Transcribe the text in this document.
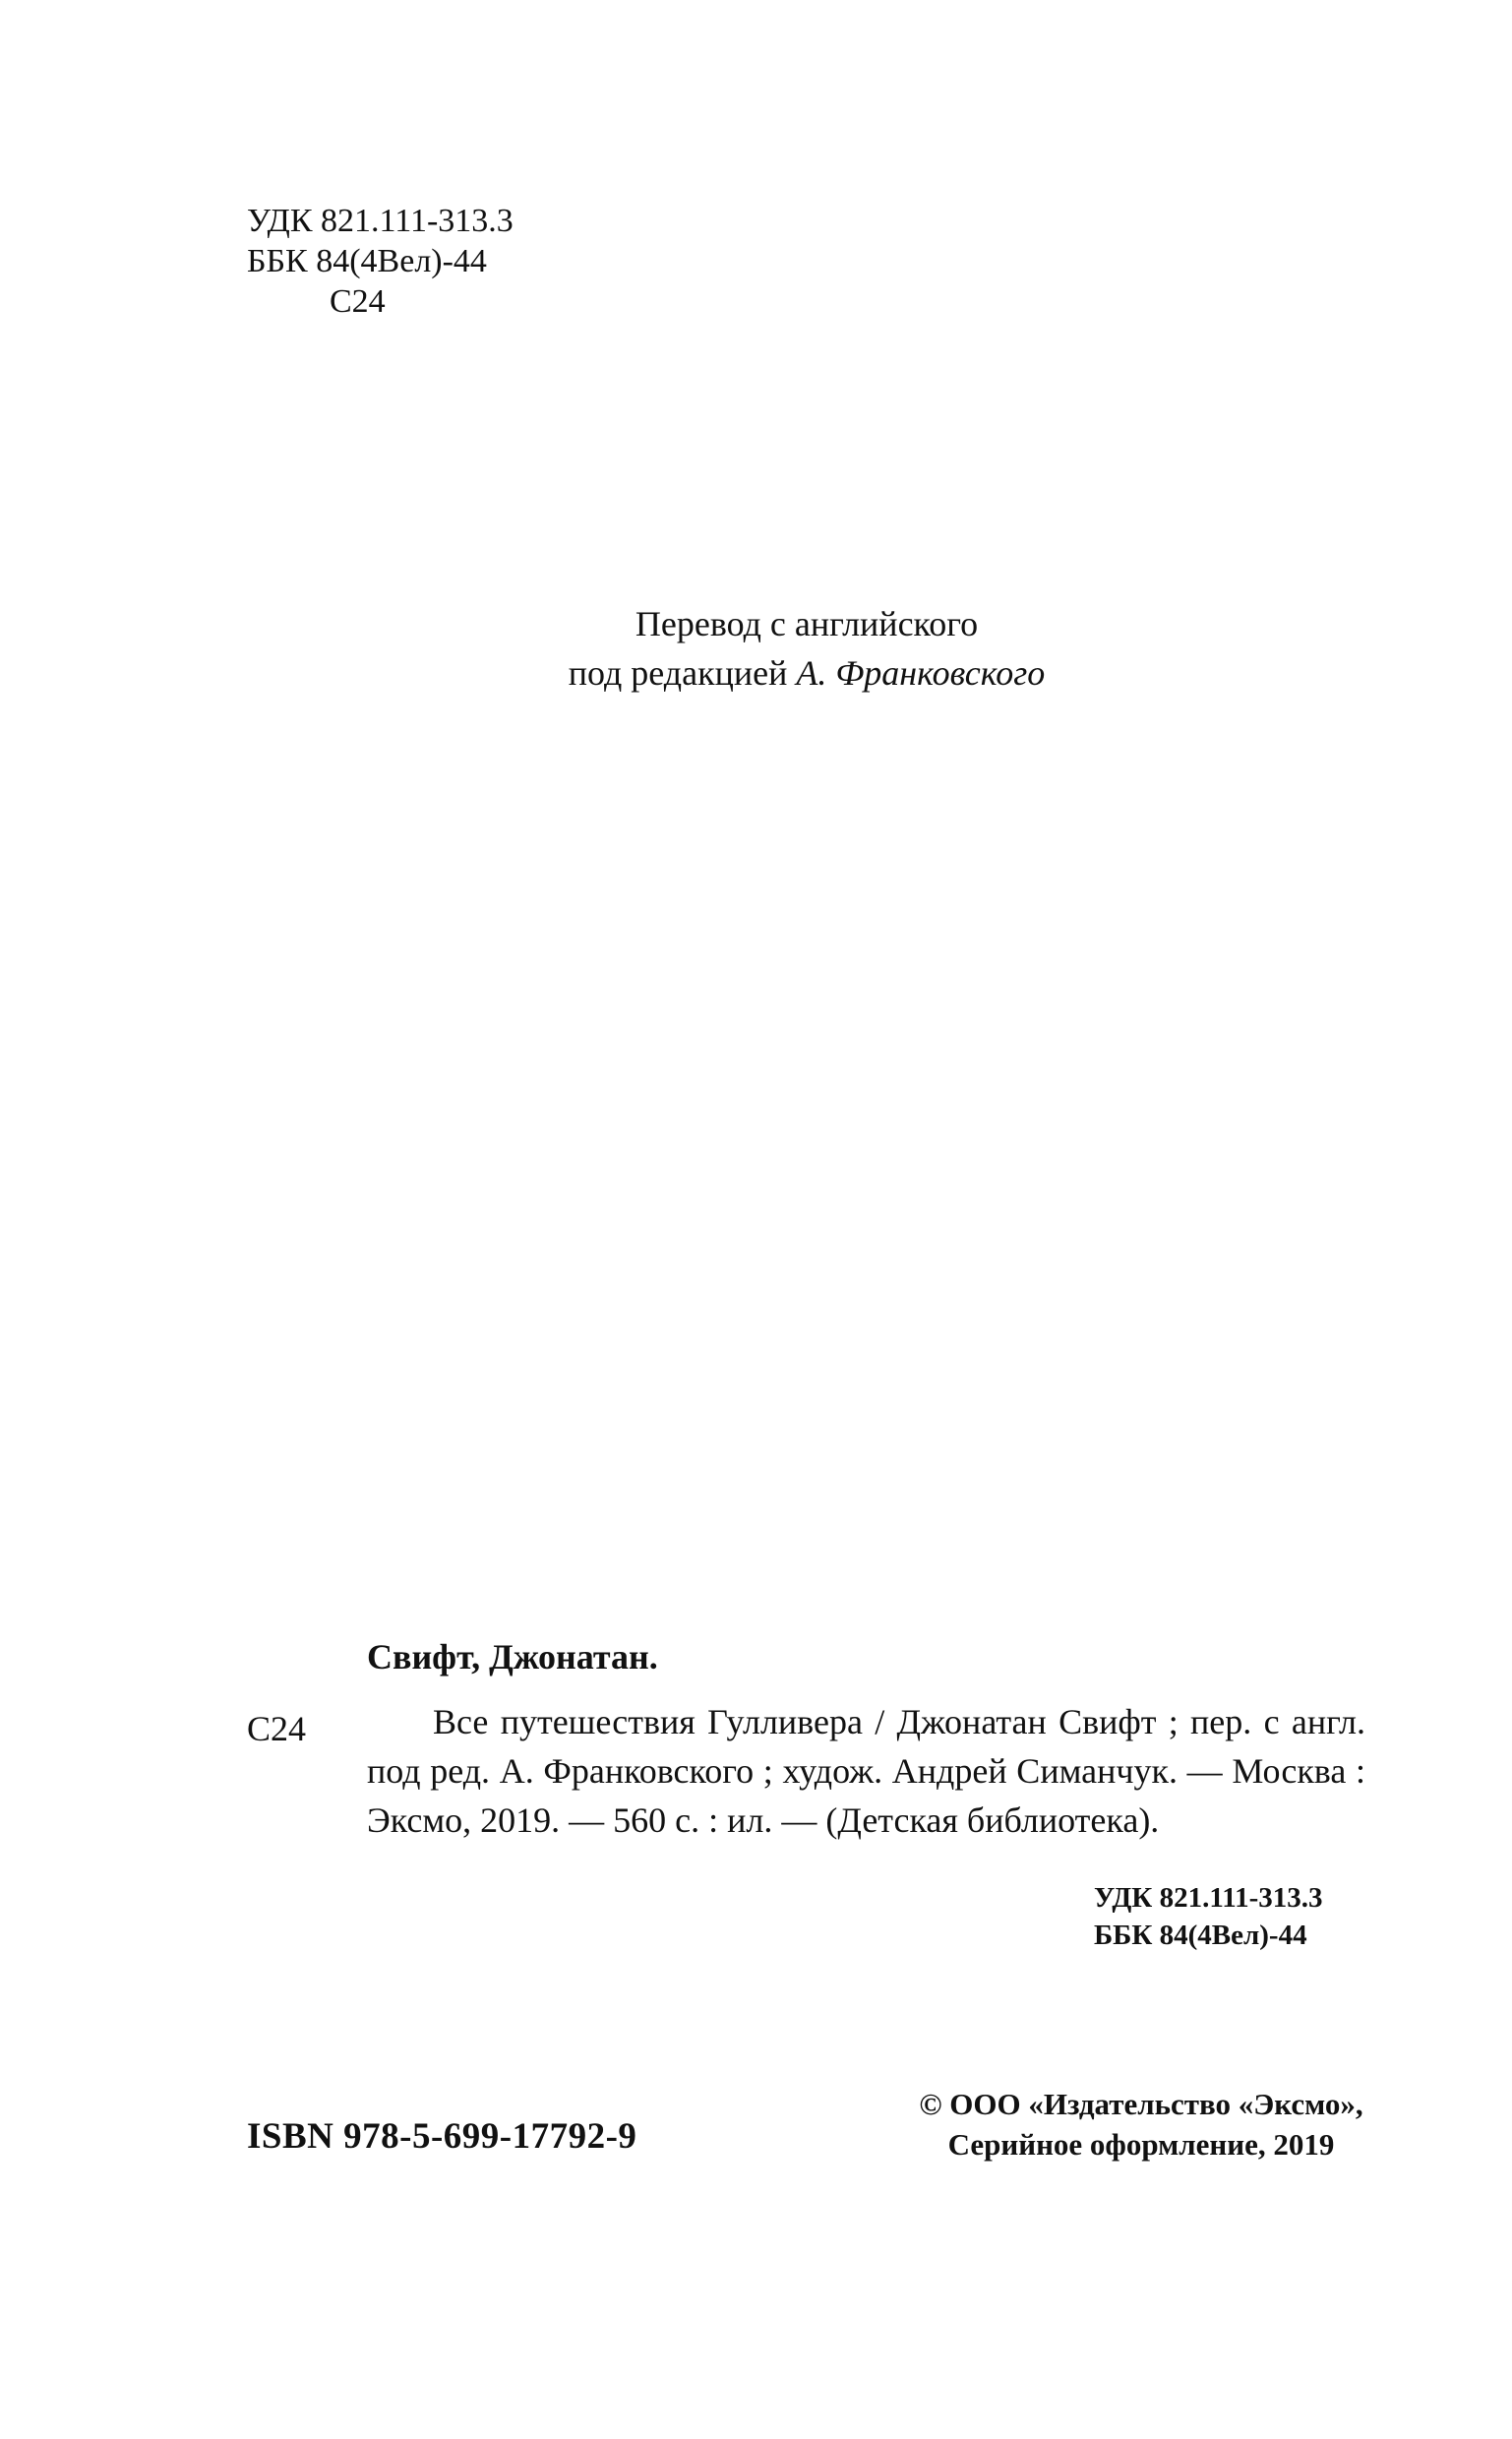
УДК 821.111-313.3
ББК 84(4Вел)-44
С24
Перевод с английского
под редакцией А. Франковского
Свифт, Джонатан.
С24	Все путешествия Гулливера / Джонатан Свифт ; пер. с англ. под ред. А. Франковского ; худож. Андрей Симанчук. — Москва : Эксмо, 2019. — 560 с. : ил. — (Детская библиотека).
УДК 821.111-313.3
ББК 84(4Вел)-44
ISBN 978-5-699-17792-9
© ООО «Издательство «Эксмо»,
Серийное оформление, 2019
